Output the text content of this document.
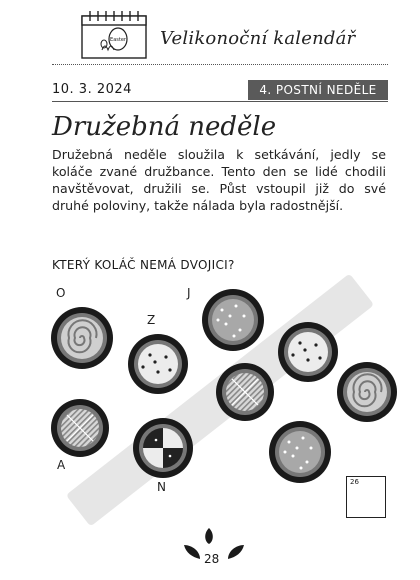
Easter Velikonoční kalendář
10. 3. 2024	4. POSTNÍ NEDĚLE
Družebná neděle
Družebná neděle sloužila k setkávání, jedly se koláče zvané družbance. Tento den se lidé chodili navštěvovat, družili se. Půst vstoupil již do své druhé poloviny, takže nálada byla radostnější.
KTERÝ KOLÁČ NEMÁ DVOJICI?
O
Z
J
A
N	26
28
